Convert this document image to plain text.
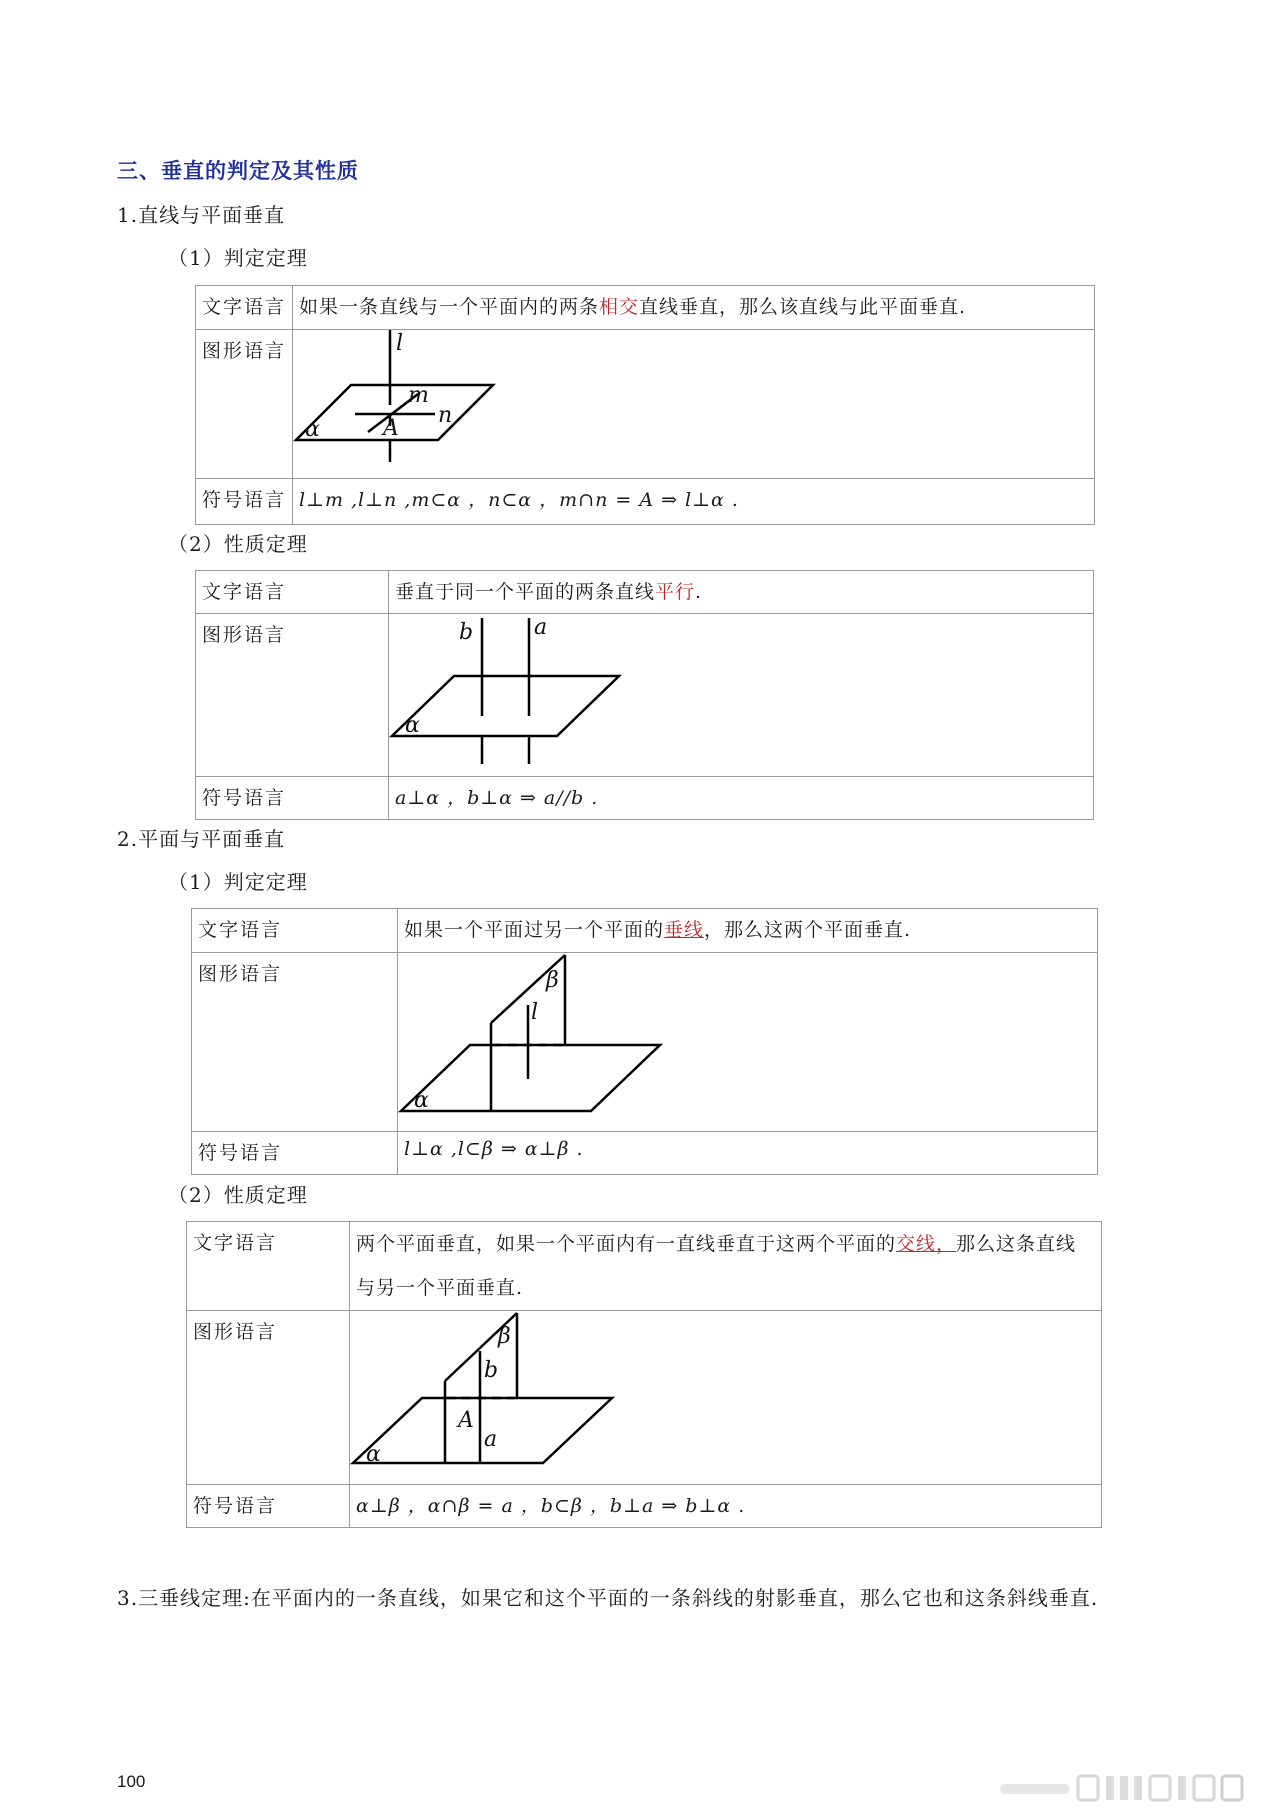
三、垂直的判定及其性质
1.直线与平面垂直
（1）判定定理
文字语言	如果一条直线与一个平面内的两条相交直线垂直，那么该直线与此平面垂直.
图形语言	l
m
n
A
α

符号语言	l⊥m ,l⊥n ,m⊂α ，n⊂α ，m∩n = A ⇒ l⊥α .
（2）性质定理
文字语言	垂直于同一个平面的两条直线平行.
图形语言	b a
α

符号语言	a⊥α ，b⊥α ⇒ a//b .
2.平面与平面垂直
（1）判定定理
文字语言	如果一个平面过另一个平面的垂线，那么这两个平面垂直.
图形语言	β
l
α

符号语言	l⊥α ,l⊂β ⇒ α⊥β .
（2）性质定理
文字语言	两个平面垂直，如果一个平面内有一直线垂直于这两个平面的交线，那么这条直线与另一个平面垂直.
图形语言	β
b
A
a
α

符号语言	α⊥β ，α∩β = a ，b⊂β ，b⊥a ⇒ b⊥α .
3.三垂线定理:在平面内的一条直线，如果它和这个平面的一条斜线的射影垂直，那么它也和这条斜线垂直.
100
